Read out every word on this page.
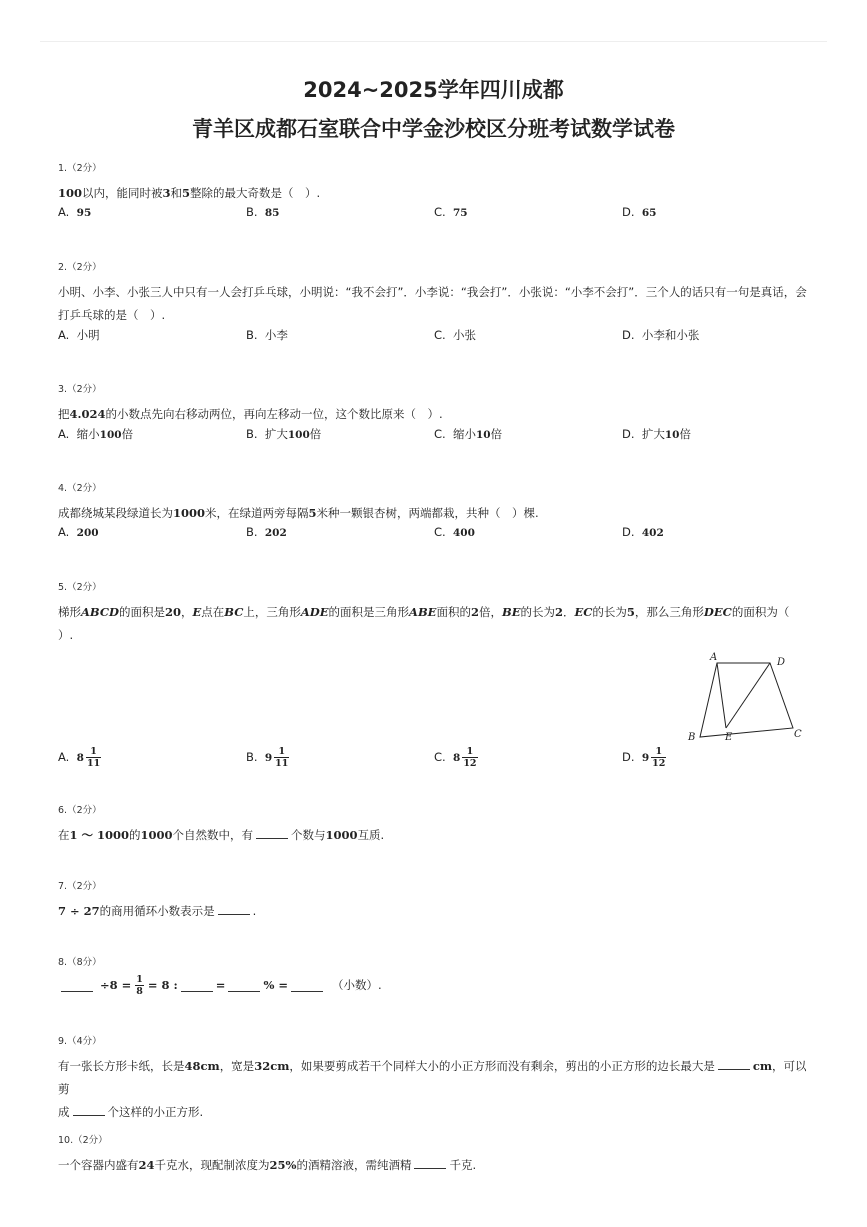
2024~2025学年四川成都
青羊区成都石室联合中学金沙校区分班考试数学试卷
1.（2分）
100以内，能同时被3和5整除的最大奇数是（　）.
A. 95	B. 85	C. 75	D. 65
2.（2分）
小明、小李、小张三人中只有一人会打乒乓球，小明说：“我不会打”．小李说：“我会打”．小张说：“小李不会打”．三个人的话只有一句是真话，会打乒乓球的是（　）.
A. 小明	B. 小李	C. 小张	D. 小李和小张
3.（2分）
把4.024的小数点先向右移动两位，再向左移动一位，这个数比原来（　）.
A. 缩小100倍	B. 扩大100倍	C. 缩小10倍	D. 扩大10倍
4.（2分）
成都绕城某段绿道长为1000米，在绿道两旁每隔5米种一颗银杏树，两端都栽，共种（　）棵.
A. 200	B. 202	C. 400	D. 402
5.（2分）
梯形ABCD的面积是20，E点在BC上，三角形ADE的面积是三角形ABE面积的2倍，BE的长为2．EC的长为5，那么三角形DEC的面积为（
）.
A	D
B	E	C
A. $8 \frac{1}{11}$	B. $9 \frac{1}{11}$	C. $8 \frac{1}{12}$	D. $9 \frac{1}{12}$
6.（2分）
在1 ～ 1000的1000个自然数中，有	个数与1000互质.
7.（2分）
7 ÷ 27的商用循环小数表示是	.
8.（8分）
$\div 8 = \frac{1}{8} = 8$ :	=	% =	（小数）.
9.（4分）
有一张长方形卡纸，长是48cm，宽是32cm，如果要剪成若干个同样大小的小正方形而没有剩余，剪出的小正方形的边长最大是	cm，可以剪
成	个这样的小正方形.
10.（2分）
一个容器内盛有24千克水，现配制浓度为25%的酒精溶液，需纯酒精	千克.
